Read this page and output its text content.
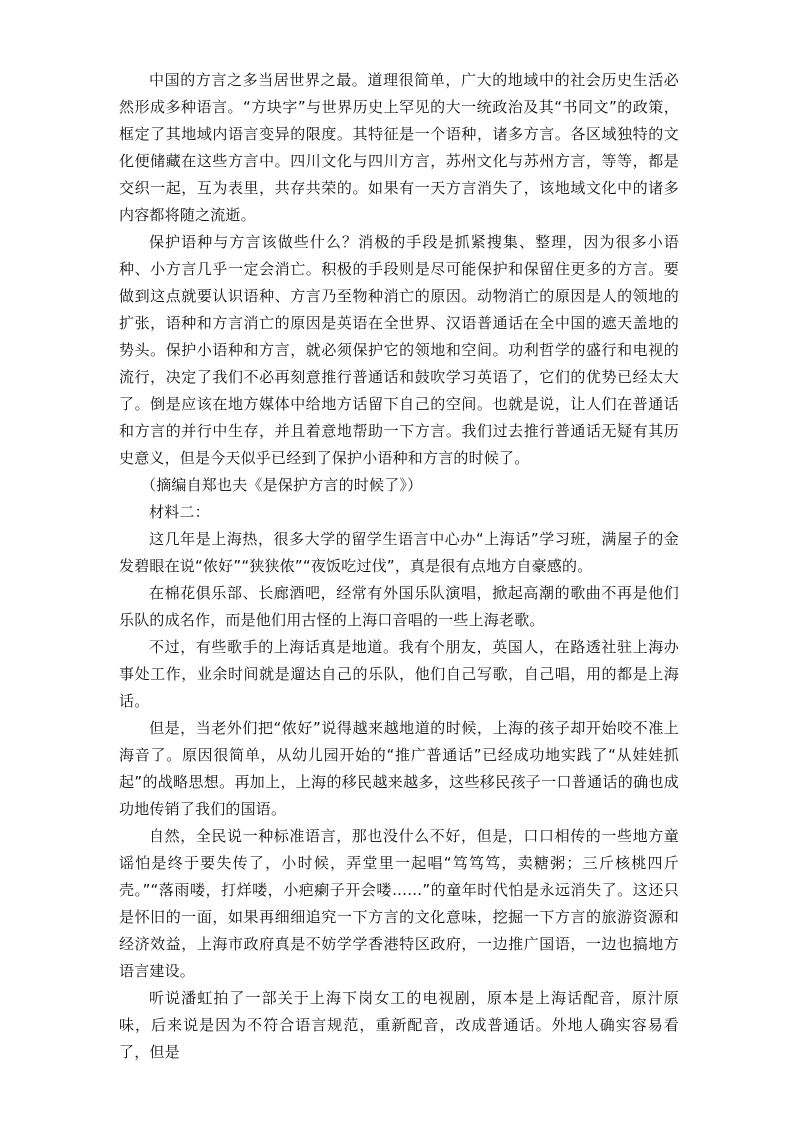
中国的方言之多当居世界之最。道理很简单，广大的地域中的社会历史生活必然形成多种语言。“方块字”与世界历史上罕见的大一统政治及其“书同文”的政策，框定了其地域内语言变异的限度。其特征是一个语种，诸多方言。各区域独特的文化便储藏在这些方言中。四川文化与四川方言，苏州文化与苏州方言，等等，都是交织一起，互为表里，共存共荣的。如果有一天方言消失了，该地域文化中的诸多内容都将随之流逝。

保护语种与方言该做些什么？消极的手段是抓紧搜集、整理，因为很多小语种、小方言几乎一定会消亡。积极的手段则是尽可能保护和保留住更多的方言。要做到这点就要认识语种、方言乃至物种消亡的原因。动物消亡的原因是人的领地的扩张，语种和方言消亡的原因是英语在全世界、汉语普通话在全中国的遮天盖地的势头。保护小语种和方言，就必须保护它的领地和空间。功利哲学的盛行和电视的流行，决定了我们不必再刻意推行普通话和鼓吹学习英语了，它们的优势已经太大了。倒是应该在地方媒体中给地方话留下自己的空间。也就是说，让人们在普通话和方言的并行中生存，并且着意地帮助一下方言。我们过去推行普通话无疑有其历史意义，但是今天似乎已经到了保护小语种和方言的时候了。

（摘编自郑也夫《是保护方言的时候了》）

材料二：

这几年是上海热，很多大学的留学生语言中心办“上海话”学习班，满屋子的金发碧眼在说“侬好”“狭狭侬”“夜饭吃过伐”，真是很有点地方自豪感的。

在棉花俱乐部、长廊酒吧，经常有外国乐队演唱，掀起高潮的歌曲不再是他们乐队的成名作，而是他们用古怪的上海口音唱的一些上海老歌。

不过，有些歌手的上海话真是地道。我有个朋友，英国人，在路透社驻上海办事处工作，业余时间就是遛达自己的乐队，他们自己写歌，自己唱，用的都是上海话。

但是，当老外们把“侬好”说得越来越地道的时候，上海的孩子却开始咬不准上海音了。原因很简单，从幼儿园开始的“推广普通话”已经成功地实践了“从娃娃抓起”的战略思想。再加上，上海的移民越来越多，这些移民孩子一口普通话的确也成功地传销了我们的国语。

自然，全民说一种标准语言，那也没什么不好，但是，口口相传的一些地方童谣怕是终于要失传了，小时候，弄堂里一起唱“笃笃笃，卖糖粥；三斤核桃四斤壳。”“落雨喽，打烊喽，小疤瘌子开会喽……”的童年时代怕是永远消失了。这还只是怀旧的一面，如果再细细追究一下方言的文化意味，挖掘一下方言的旅游资源和经济效益，上海市政府真是不妨学学香港特区政府，一边推广国语，一边也搞地方语言建设。

听说潘虹拍了一部关于上海下岗女工的电视剧，原本是上海话配音，原汁原味，后来说是因为不符合语言规范，重新配音，改成普通话。外地人确实容易看了，但是
